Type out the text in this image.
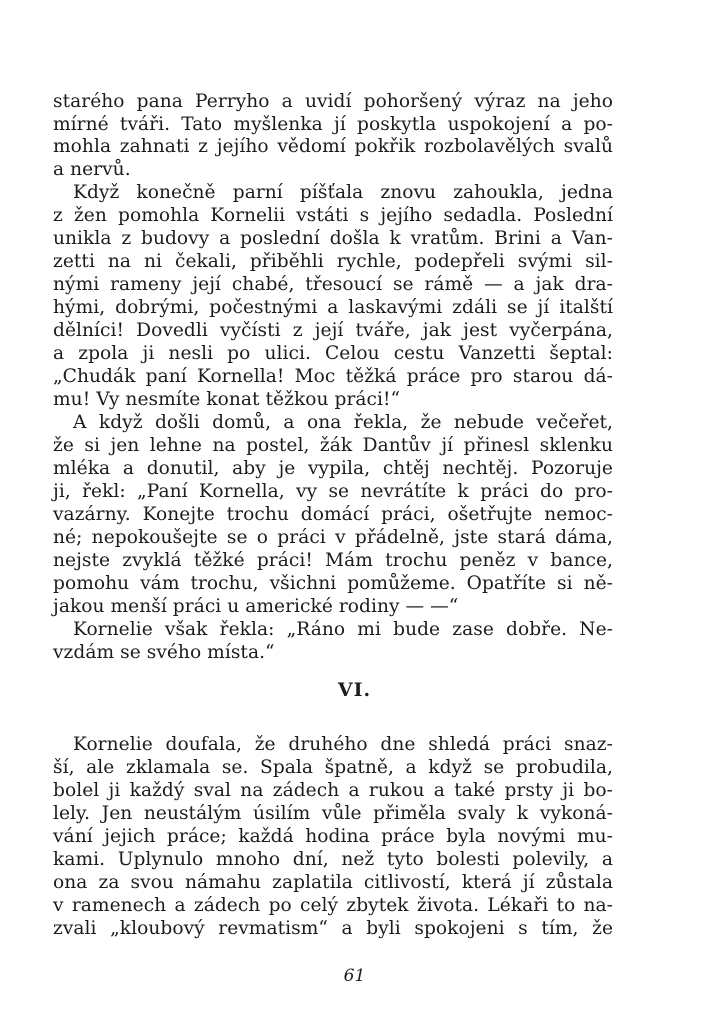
starého pana Perryho a uvidí pohoršený výraz na jeho
mírné tváři. Tato myšlenka jí poskytla uspokojení a po-
mohla zahnati z jejího vědomí pokřik rozbolavělých svalů
a nervů.
Když konečně parní píšťala znovu zahoukla, jedna
z žen pomohla Kornelii vstáti s jejího sedadla. Poslední
unikla z budovy a poslední došla k vratům. Brini a Van-
zetti na ni čekali, přiběhli rychle, podepřeli svými sil-
nými rameny její chabé, třesoucí se rámě — a jak dra-
hými, dobrými, počestnými a laskavými zdáli se jí italští
dělníci! Dovedli vyčísti z její tváře, jak jest vyčerpána,
a zpola ji nesli po ulici. Celou cestu Vanzetti šeptal:
„Chudák paní Kornella! Moc těžká práce pro starou dá-
mu! Vy nesmíte konat těžkou práci!“
A když došli domů, a ona řekla, že nebude večeřet,
že si jen lehne na postel, žák Dantův jí přinesl sklenku
mléka a donutil, aby je vypila, chtěj nechtěj. Pozoruje
ji, řekl: „Paní Kornella, vy se nevrátíte k práci do pro-
vazárny. Konejte trochu domácí práci, ošetřujte nemoc-
né; nepokoušejte se o práci v přádelně, jste stará dáma,
nejste zvyklá těžké práci! Mám trochu peněz v bance,
pomohu vám trochu, všichni pomůžeme. Opatříte si ně-
jakou menší práci u americké rodiny — —“
Kornelie však řekla: „Ráno mi bude zase dobře. Ne-
vzdám se svého místa.“
VI.
Kornelie doufala, že druhého dne shledá práci snaz-
ší, ale zklamala se. Spala špatně, a když se probudila,
bolel ji každý sval na zádech a rukou a také prsty ji bo-
lely. Jen neustálým úsilím vůle přiměla svaly k vykoná-
vání jejich práce; každá hodina práce byla novými mu-
kami. Uplynulo mnoho dní, než tyto bolesti polevily, a
ona za svou námahu zaplatila citlivostí, která jí zůstala
v ramenech a zádech po celý zbytek života. Lékaři to na-
zvali „kloubový revmatism“ a byli spokojeni s tím, že
61
